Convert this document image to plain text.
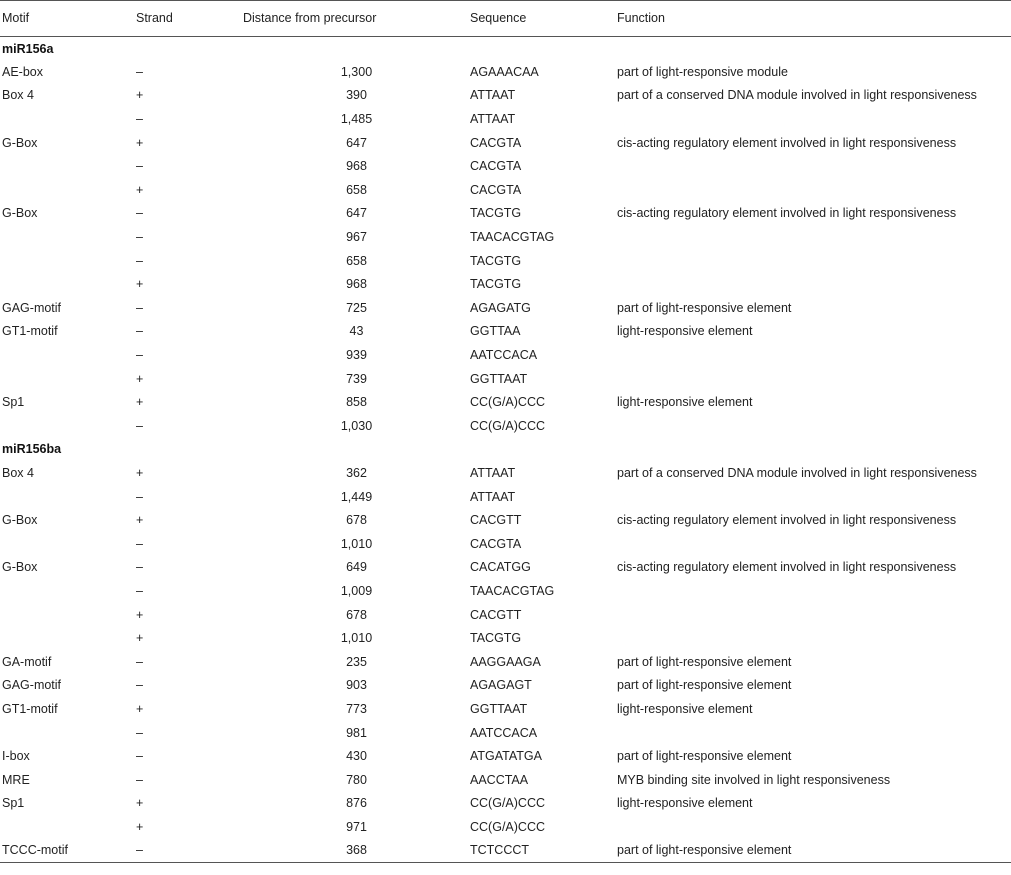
Motif	Strand	Distance from precursor	Sequence	Function
miR156a				
AE-box	–	1,300	AGAAACAA	part of light-responsive module
Box 4	+	390	ATTAAT	part of a conserved DNA module involved in light responsiveness
	–	1,485	ATTAAT	
G-Box	+	647	CACGTA	cis-acting regulatory element involved in light responsiveness
	–	968	CACGTA	
	+	658	CACGTA	
G-Box	–	647	TACGTG	cis-acting regulatory element involved in light responsiveness
	–	967	TAACACGTAG	
	–	658	TACGTG	
	+	968	TACGTG	
GAG-motif	–	725	AGAGATG	part of light-responsive element
GT1-motif	–	43	GGTTAA	light-responsive element
	–	939	AATCCACA	
	+	739	GGTTAAT	
Sp1	+	858	CC(G/A)CCC	light-responsive element
	–	1,030	CC(G/A)CCC	
miR156ba				
Box 4	+	362	ATTAAT	part of a conserved DNA module involved in light responsiveness
	–	1,449	ATTAAT	
G-Box	+	678	CACGTT	cis-acting regulatory element involved in light responsiveness
	–	1,010	CACGTA	
G-Box	–	649	CACATGG	cis-acting regulatory element involved in light responsiveness
	–	1,009	TAACACGTAG	
	+	678	CACGTT	
	+	1,010	TACGTG	
GA-motif	–	235	AAGGAAGA	part of light-responsive element
GAG-motif	–	903	AGAGAGT	part of light-responsive element
GT1-motif	+	773	GGTTAAT	light-responsive element
	–	981	AATCCACA	
I-box	–	430	ATGATATGA	part of light-responsive element
MRE	–	780	AACCTAA	MYB binding site involved in light responsiveness
Sp1	+	876	CC(G/A)CCC	light-responsive element
	+	971	CC(G/A)CCC	
TCCC-motif	–	368	TCTCCCT	part of light-responsive element
